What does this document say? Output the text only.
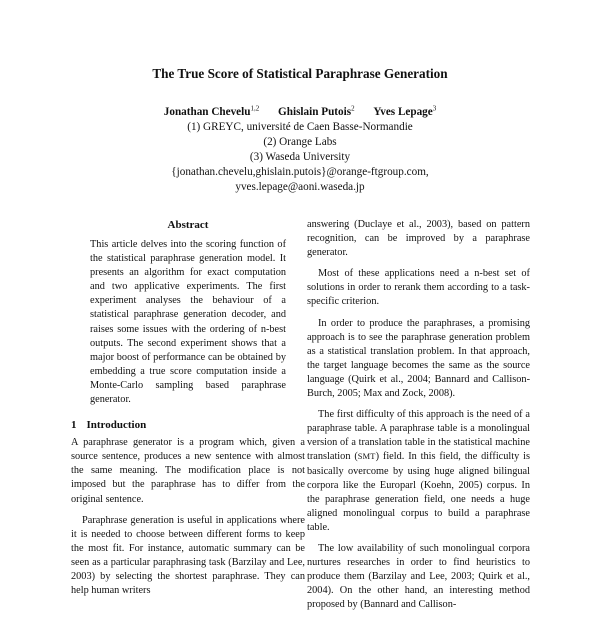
The True Score of Statistical Paraphrase Generation
Jonathan Chevelu$^{1,2}$ Ghislain Putois$^2$ Yves Lepage$^3$
(1) GREYC, université de Caen Basse-Normandie
(2) Orange Labs
(3) Waseda University
{jonathan.chevelu,ghislain.putois}@orange-ftgroup.com,
yves.lepage@aoni.waseda.jp
Abstract

This article delves into the scoring function of the statistical paraphrase generation model. It presents an algorithm for exact computation and two applicative experiments. The first experiment analyses the behaviour of a statistical paraphrase generation decoder, and raises some issues with the ordering of n-best outputs. The second experiment shows that a major boost of performance can be obtained by embedding a true score computation inside a Monte-Carlo sampling based paraphrase generator.

1 Introduction

A paraphrase generator is a program which, given a source sentence, produces a new sentence with almost the same meaning. The modification place is not imposed but the paraphrase has to differ from the original sentence.

Paraphrase generation is useful in applications where it is needed to choose between different forms to keep the most fit. For instance, automatic summary can be seen as a particular paraphrasing task (Barzilay and Lee, 2003) by selecting the shortest paraphrase. They can help human writers

answering (Duclaye et al., 2003), based on pattern recognition, can be improved by a paraphrase generator.

Most of these applications need a n-best set of solutions in order to rerank them according to a task-specific criterion.

In order to produce the paraphrases, a promising approach is to see the paraphrase generation problem as a statistical translation problem. In that approach, the target language becomes the same as the source language (Quirk et al., 2004; Bannard and Callison-Burch, 2005; Max and Zock, 2008).

The first difficulty of this approach is the need of a paraphrase table. A paraphrase table is a monolingual version of a translation table in the statistical machine translation (SMT) field. In this field, the difficulty is basically overcome by using huge aligned bilingual corpora like the Europarl (Koehn, 2005) corpus. In the paraphrase generation field, one needs a huge aligned monolingual corpus to build a paraphrase table.

The low availability of such monolingual corpora nurtures researches in order to find heuristics to produce them (Barzilay and Lee, 2003; Quirk et al., 2004). On the other hand, an interesting method proposed by (Bannard and Callison-
